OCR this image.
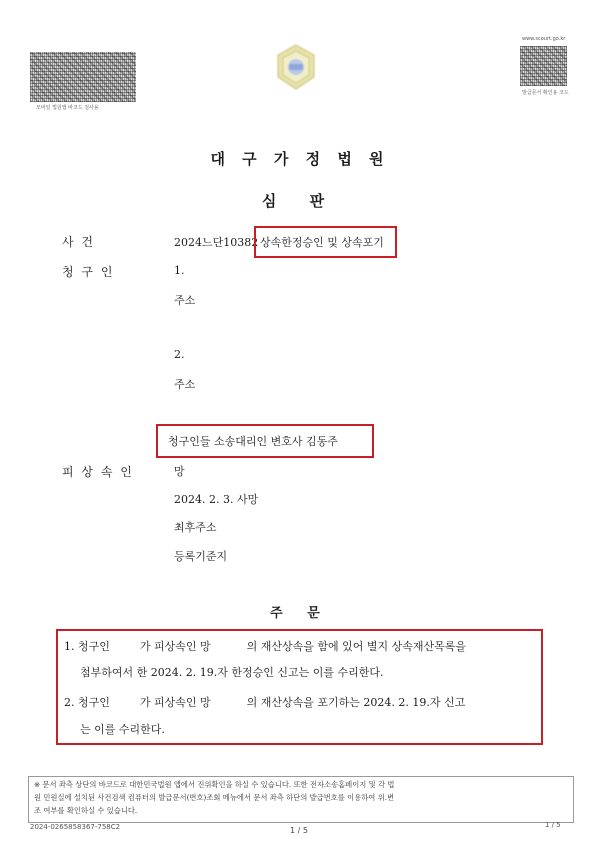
모바일 법원앱 바코드 검사용
www.scourt.go.kr
발급문서 확인용 코드
대 구 가 정 법 원
심 판
사 건	2024느단10382 상속한정승인 및 상속포기
청 구 인	1.
주소
2.
주소
청구인들 소송대리인 변호사 김동주
피 상 속 인	망
2024. 2. 3. 사망
최후주소
등록기준지
주 문
1. 청구인	가 피상속인 망	의 재산상속을 함에 있어 별지 상속재산목록을
첨부하여서 한 2024. 2. 19.자 한정승인 신고는 이를 수리한다.
2. 청구인	가 피상속인 망	의 재산상속을 포기하는 2024. 2. 19.자 신고
는 이를 수리한다.
※ 문서 좌측 상단의 바코드로 대한민국법원 앱에서 진위확인을 하실 수 있습니다. 또한 전자소송홈페이지 및 각 법
원 민원실에 설치된 사건검색 컴퓨터의 발급문서(번호)조회 메뉴에서 문서 좌측 하단의 발급번호를 이용하여 위.변
조 여부를 확인하실 수 있습니다.
2024-0265858367-758C2	1 / 5
1 / 5
